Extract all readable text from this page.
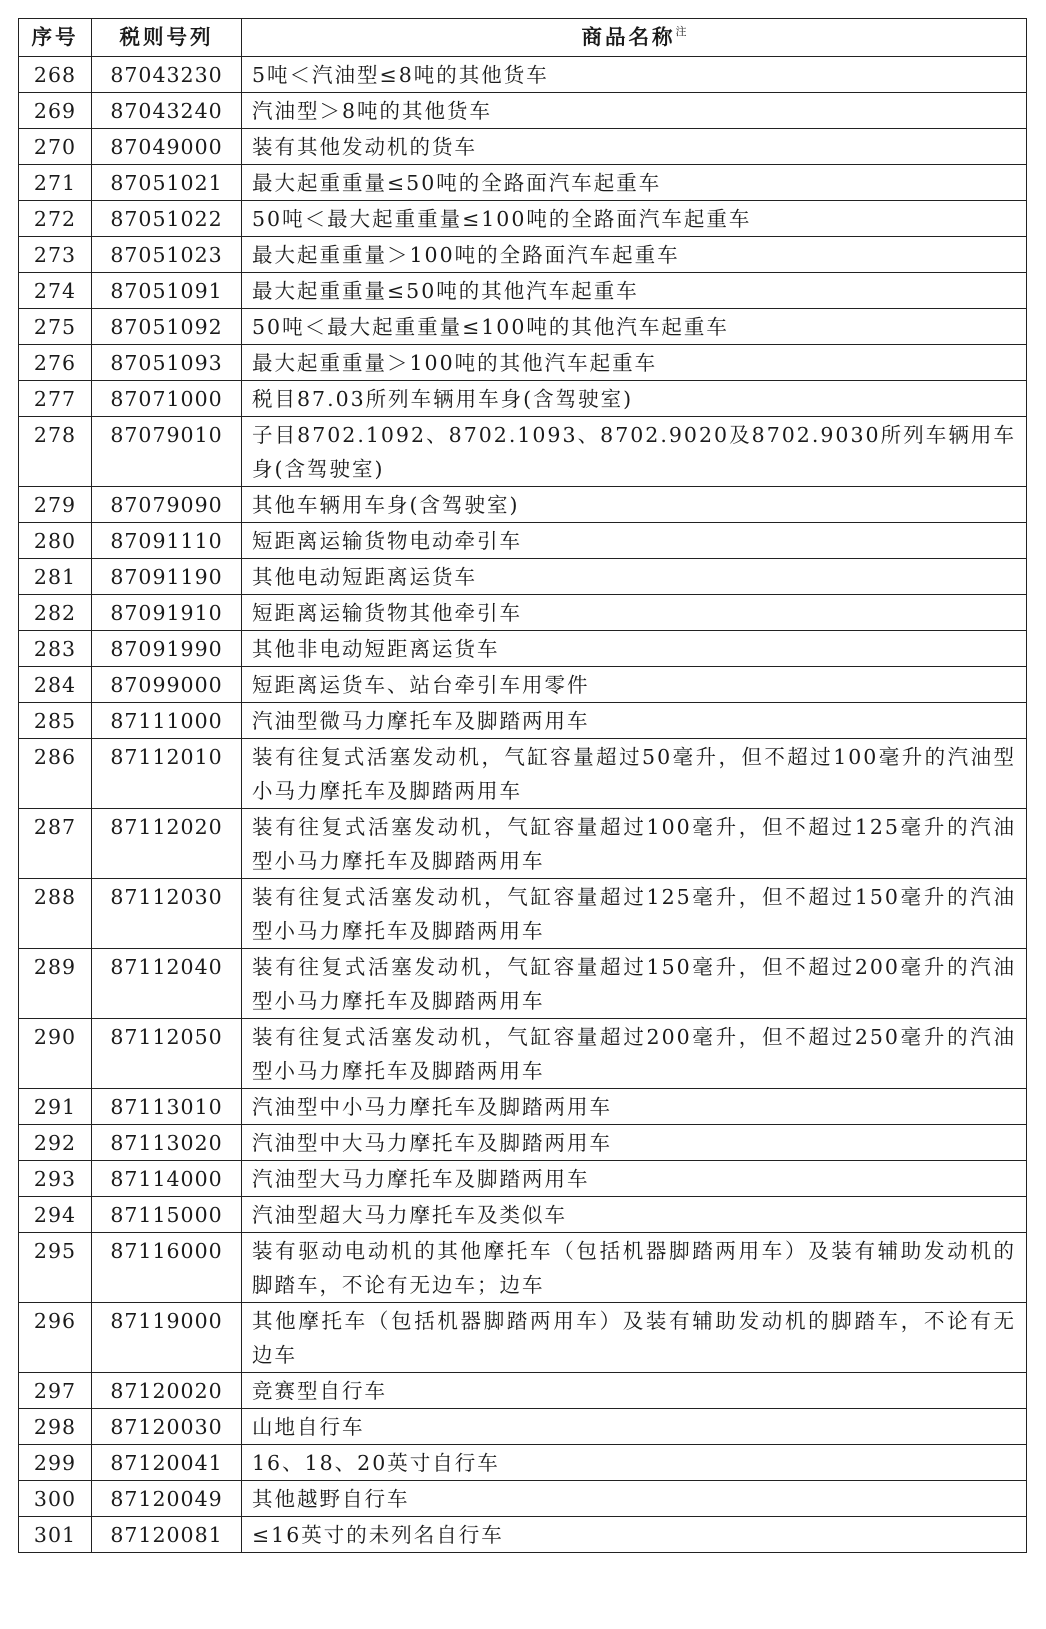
序号	税则号列	商品名称$^注$
268	87043230	5吨＜汽油型≤8吨的其他货车
269	87043240	汽油型＞8吨的其他货车
270	87049000	装有其他发动机的货车
271	87051021	最大起重重量≤50吨的全路面汽车起重车
272	87051022	50吨＜最大起重重量≤100吨的全路面汽车起重车
273	87051023	最大起重重量＞100吨的全路面汽车起重车
274	87051091	最大起重重量≤50吨的其他汽车起重车
275	87051092	50吨＜最大起重重量≤100吨的其他汽车起重车
276	87051093	最大起重重量＞100吨的其他汽车起重车
277	87071000	税目87.03所列车辆用车身(含驾驶室)
278	87079010	子目8702.1092、8702.1093、8702.9020及8702.9030所列车辆用车身(含驾驶室)
279	87079090	其他车辆用车身(含驾驶室)
280	87091110	短距离运输货物电动牵引车
281	87091190	其他电动短距离运货车
282	87091910	短距离运输货物其他牵引车
283	87091990	其他非电动短距离运货车
284	87099000	短距离运货车、站台牵引车用零件
285	87111000	汽油型微马力摩托车及脚踏两用车
286	87112010	装有往复式活塞发动机，气缸容量超过50毫升，但不超过100毫升的汽油型小马力摩托车及脚踏两用车
287	87112020	装有往复式活塞发动机，气缸容量超过100毫升，但不超过125毫升的汽油型小马力摩托车及脚踏两用车
288	87112030	装有往复式活塞发动机，气缸容量超过125毫升，但不超过150毫升的汽油型小马力摩托车及脚踏两用车
289	87112040	装有往复式活塞发动机，气缸容量超过150毫升，但不超过200毫升的汽油型小马力摩托车及脚踏两用车
290	87112050	装有往复式活塞发动机，气缸容量超过200毫升，但不超过250毫升的汽油型小马力摩托车及脚踏两用车
291	87113010	汽油型中小马力摩托车及脚踏两用车
292	87113020	汽油型中大马力摩托车及脚踏两用车
293	87114000	汽油型大马力摩托车及脚踏两用车
294	87115000	汽油型超大马力摩托车及类似车
295	87116000	装有驱动电动机的其他摩托车（包括机器脚踏两用车）及装有辅助发动机的脚踏车，不论有无边车；边车
296	87119000	其他摩托车（包括机器脚踏两用车）及装有辅助发动机的脚踏车，不论有无边车
297	87120020	竞赛型自行车
298	87120030	山地自行车
299	87120041	16、18、20英寸自行车
300	87120049	其他越野自行车
301	87120081	≤16英寸的未列名自行车
